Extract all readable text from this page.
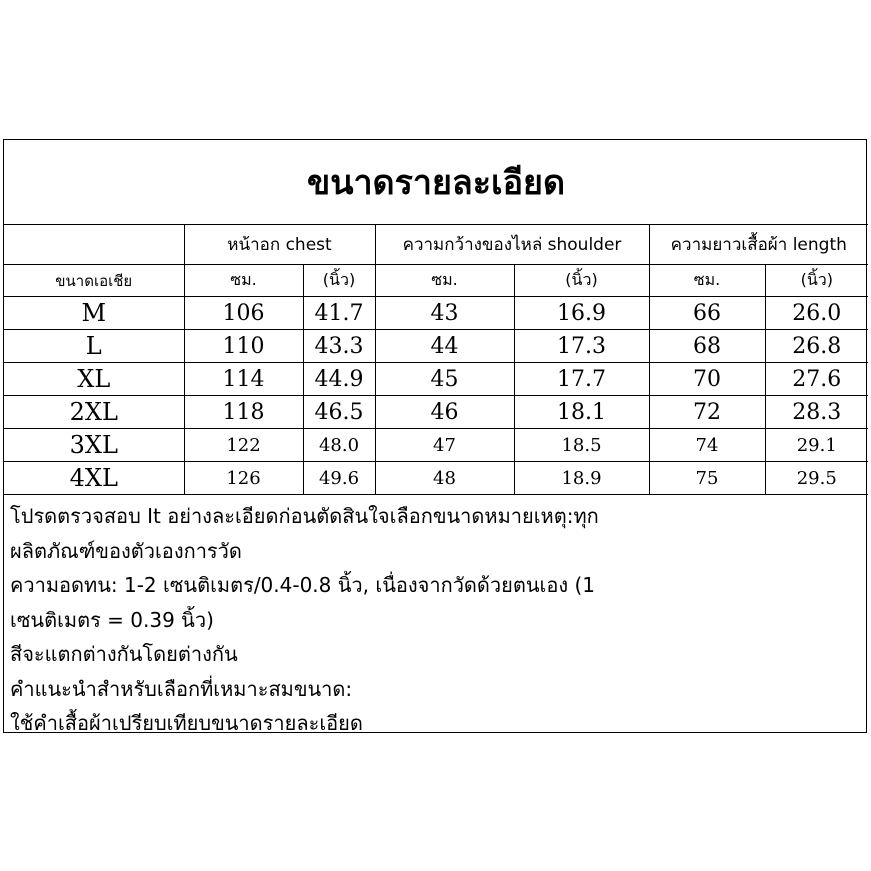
ขนาดรายละเอียด						
	หน้าอก chest		ความกว้างของไหล่ shoulder		ความยาวเสื้อผ้า length	
ขนาดเอเชีย	ซม.	(นิ้ว)	ซม.	(นิ้ว)	ซม.	(นิ้ว)
M	106	41.7	43	16.9	66	26.0
L	110	43.3	44	17.3	68	26.8
XL	114	44.9	45	17.7	70	27.6
2XL	118	46.5	46	18.1	72	28.3
3XL	122	48.0	47	18.5	74	29.1
4XL	126	49.6	48	18.9	75	29.5
โปรดตรวจสอบ It อย่างละเอียดก่อนตัดสินใจเลือกขนาดหมายเหตุ:ทุก
ผลิตภัณฑ์ของตัวเองการวัด
ความอดทน: 1-2 เซนติเมตร/0.4-0.8 นิ้ว, เนื่องจากวัดด้วยตนเอง (1
เซนติเมตร = 0.39 นิ้ว)
สีจะแตกต่างกันโดยต่างกัน
คำแนะนำสำหรับเลือกที่เหมาะสมขนาด:
ใช้คำเสื้อผ้าเปรียบเทียบขนาดรายละเอียด
